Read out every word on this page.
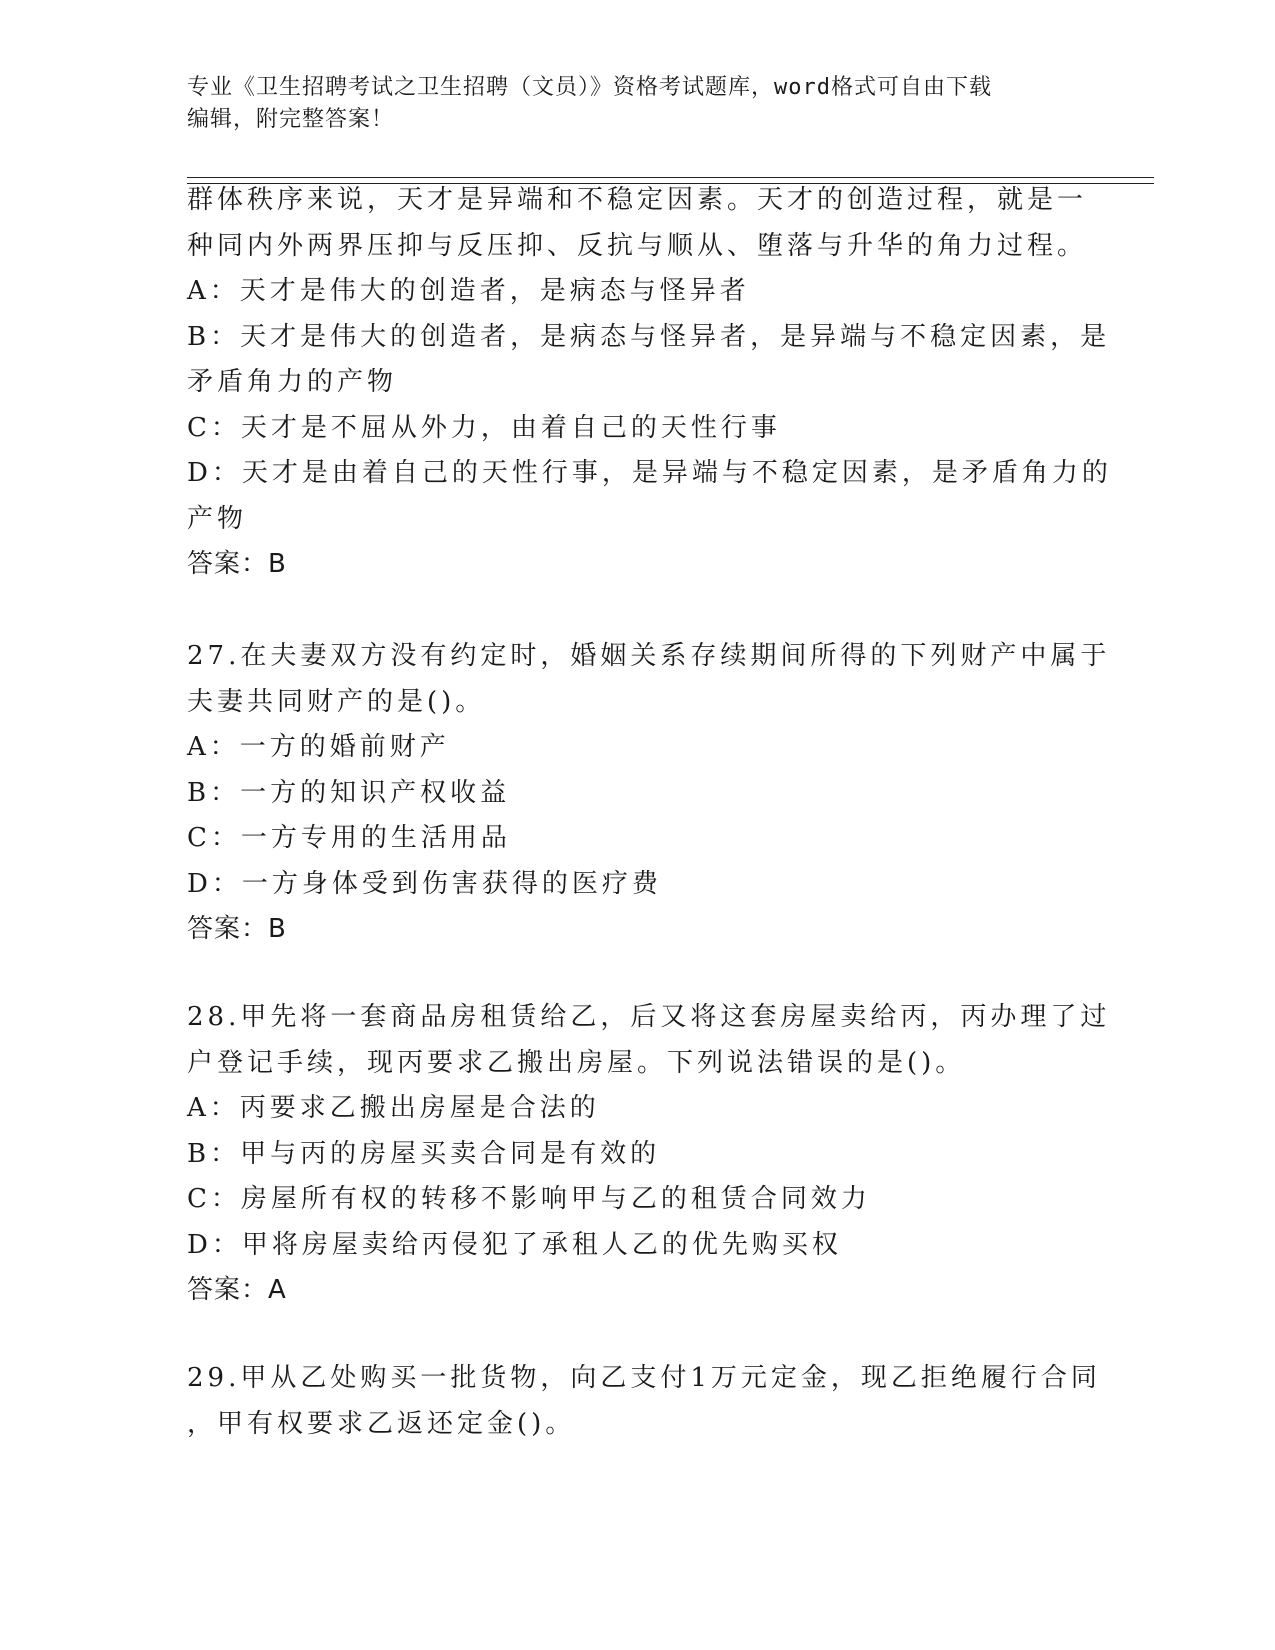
专业《卫生招聘考试之卫生招聘（文员）》资格考试题库，word格式可自由下载
编辑，附完整答案！
群体秩序来说，天才是异端和不稳定因素。天才的创造过程，就是一
种同内外两界压抑与反压抑、反抗与顺从、堕落与升华的角力过程。
A：天才是伟大的创造者，是病态与怪异者
B：天才是伟大的创造者，是病态与怪异者，是异端与不稳定因素，是
矛盾角力的产物
C：天才是不屈从外力，由着自己的天性行事
D：天才是由着自己的天性行事，是异端与不稳定因素，是矛盾角力的
产物
答案：B
27.在夫妻双方没有约定时，婚姻关系存续期间所得的下列财产中属于
夫妻共同财产的是()。
A：一方的婚前财产
B：一方的知识产权收益
C：一方专用的生活用品
D：一方身体受到伤害获得的医疗费
答案：B
28.甲先将一套商品房租赁给乙，后又将这套房屋卖给丙，丙办理了过
户登记手续，现丙要求乙搬出房屋。下列说法错误的是()。
A：丙要求乙搬出房屋是合法的
B：甲与丙的房屋买卖合同是有效的
C：房屋所有权的转移不影响甲与乙的租赁合同效力
D：甲将房屋卖给丙侵犯了承租人乙的优先购买权
答案：A
29.甲从乙处购买一批货物，向乙支付1万元定金，现乙拒绝履行合同
，甲有权要求乙返还定金()。
